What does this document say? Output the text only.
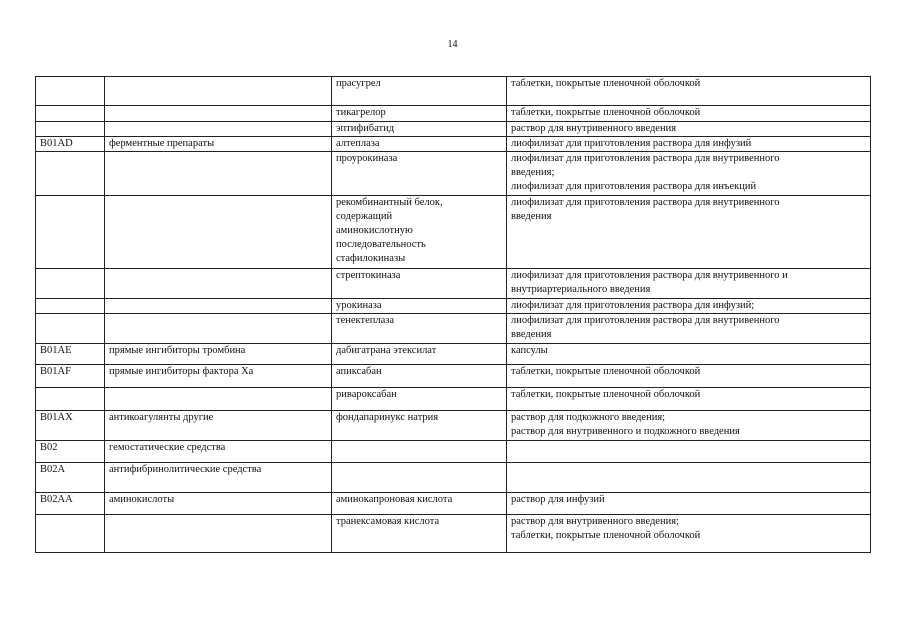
14
		прасугрел	таблетки, покрытые пленочной оболочкой

		тикагрелор	таблетки, покрытые пленочной оболочкой

		эптифибатид	раствор для внутривенного введения

B01AD	ферментные препараты	алтеплаза	лиофилизат для приготовления раствора для инфузий

		проурокиназа	лиофилизат для приготовления раствора для внутривенного
введения;
лиофилизат для приготовления раствора для инъекций

		рекомбинантный белок,
содержащий
аминокислотную
последовательность
стафилокиназы	лиофилизат для приготовления раствора для внутривенного
введения

		стрептокиназа	лиофилизат для приготовления раствора для внутривенного и
внутриартериального введения

		урокиназа	лиофилизат для приготовления раствора для инфузий;

		тенектеплаза	лиофилизат для приготовления раствора для внутривенного
введения

B01AE	прямые ингибиторы тромбина	дабигатрана этексилат	капсулы

B01AF	прямые ингибиторы фактора Xa	апиксабан	таблетки, покрытые пленочной оболочкой

		ривароксабан	таблетки, покрытые пленочной оболочкой

B01AX	антикоагулянты другие	фондапаринукс натрия	раствор для подкожного введения;
раствор для внутривенного и подкожного введения

B02	гемостатические средства		

B02A	антифибринолитические средства		

B02AA	аминокислоты	аминокапроновая кислота	раствор для инфузий

		транексамовая кислота	раствор для внутривенного введения;
таблетки, покрытые пленочной оболочкой
